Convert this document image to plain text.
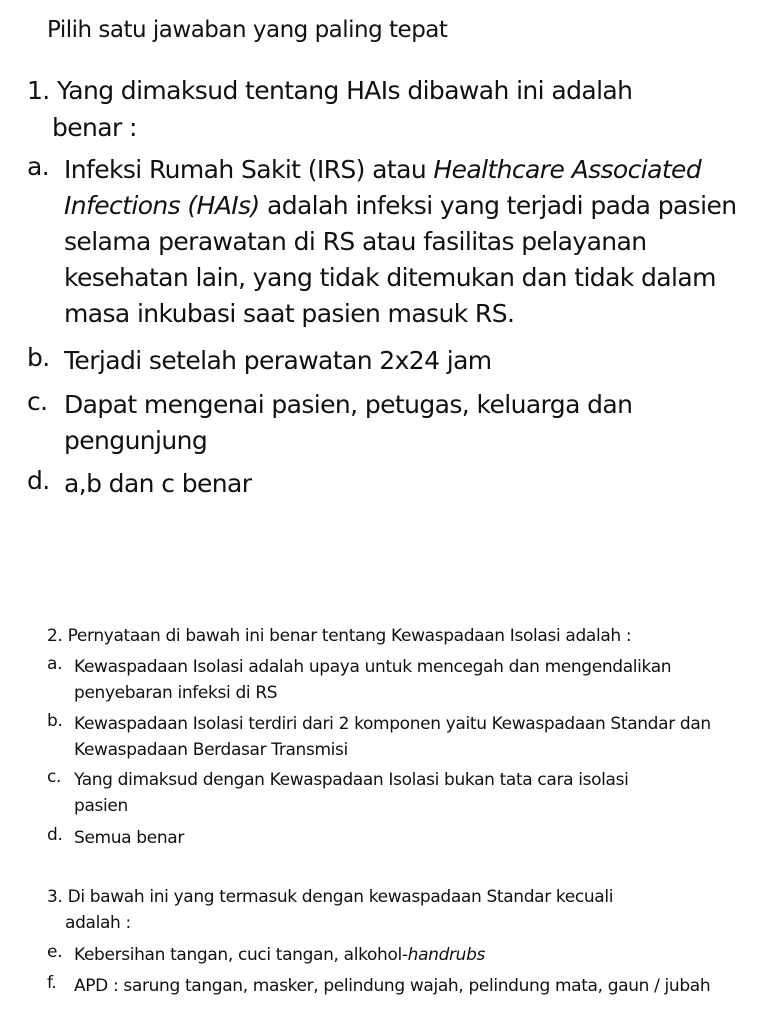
Pilih satu jawaban yang paling tepat
1. Yang dimaksud tentang HAIs dibawah ini adalah
benar :
a. Infeksi Rumah Sakit (IRS) atau Healthcare Associated Infections (HAIs) adalah infeksi yang terjadi pada pasien selama perawatan di RS atau fasilitas pelayanan kesehatan lain, yang tidak ditemukan dan tidak dalam masa inkubasi saat pasien masuk RS.
b. Terjadi setelah perawatan 2x24 jam
c. Dapat mengenai pasien, petugas, keluarga dan pengunjung
d. a,b dan c benar
2. Pernyataan di bawah ini benar tentang Kewaspadaan Isolasi adalah :
a. Kewaspadaan Isolasi adalah upaya untuk mencegah dan mengendalikan penyebaran infeksi di RS
b. Kewaspadaan Isolasi terdiri dari 2 komponen yaitu Kewaspadaan Standar dan Kewaspadaan Berdasar Transmisi
c. Yang dimaksud dengan Kewaspadaan Isolasi bukan tata cara isolasi pasien
d. Semua benar
3. Di bawah ini yang termasuk dengan kewaspadaan Standar kecuali
adalah :
e. Kebersihan tangan, cuci tangan, alkohol-handrubs
f. APD : sarung tangan, masker, pelindung wajah, pelindung mata, gaun / jubah
